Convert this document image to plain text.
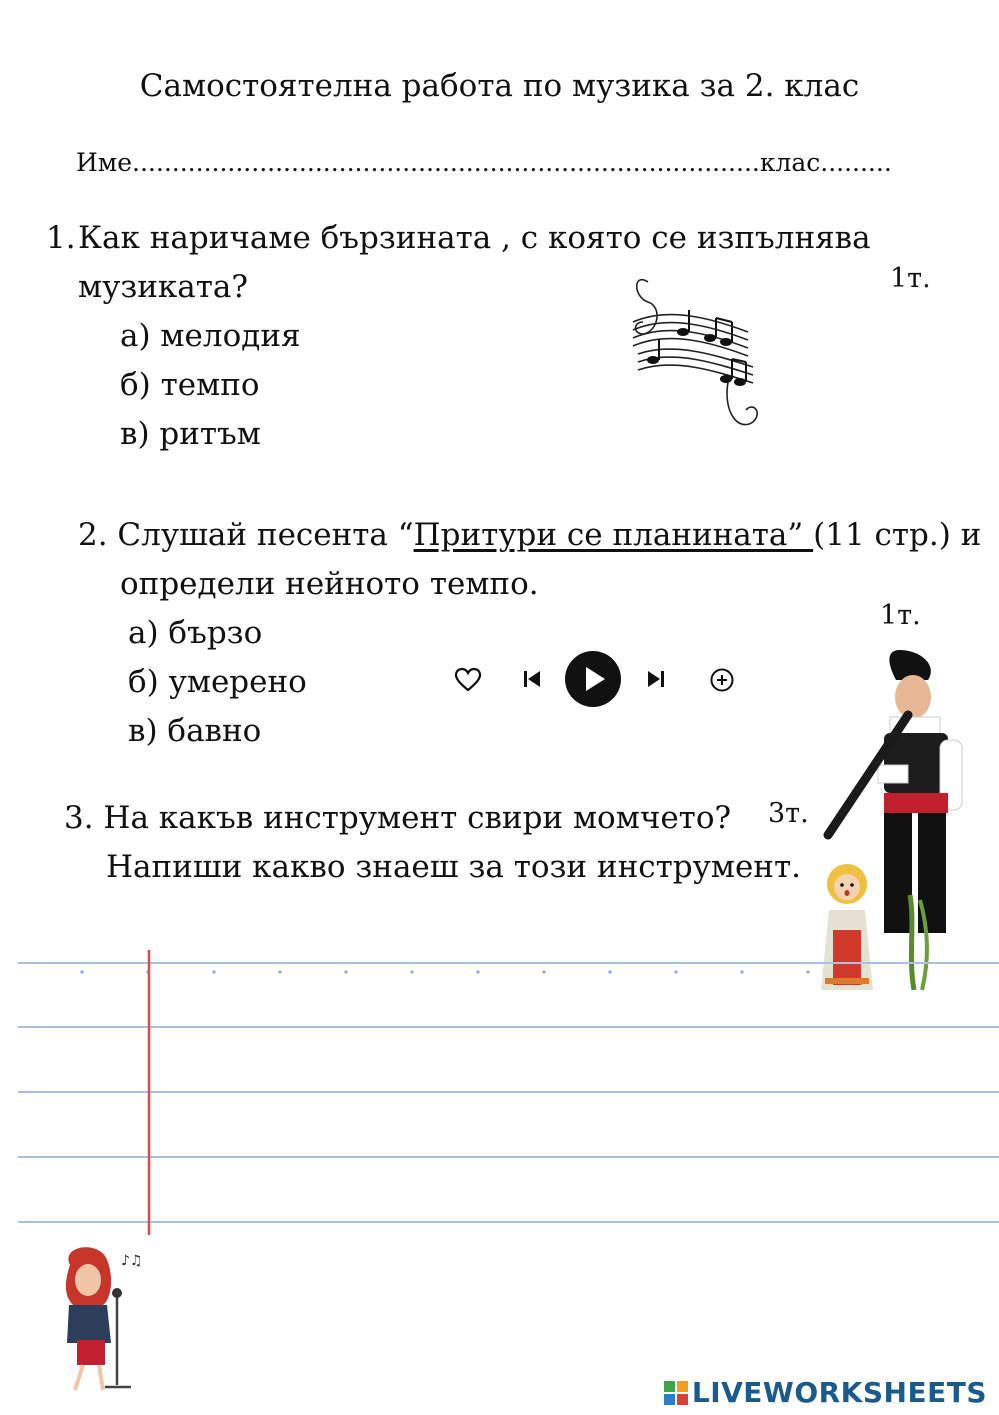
Самостоятелна работа по музика за 2. клас
Име...............................................................................клас.........
1. Как наричаме бързината , с която се изпълнява
музиката?	1т.
а) мелодия
б) темпо
в) ритъм
2. Слушай песента “Притури се планината” (11 стр.) и
определи нейното темпо.
1т.
а) бързо
б) умерено
в) бавно
3. На какъв инструмент свири момчето? 3т.
Напиши какво знаеш за този инструмент.
♪♫
LIVEWORKSHEETS
